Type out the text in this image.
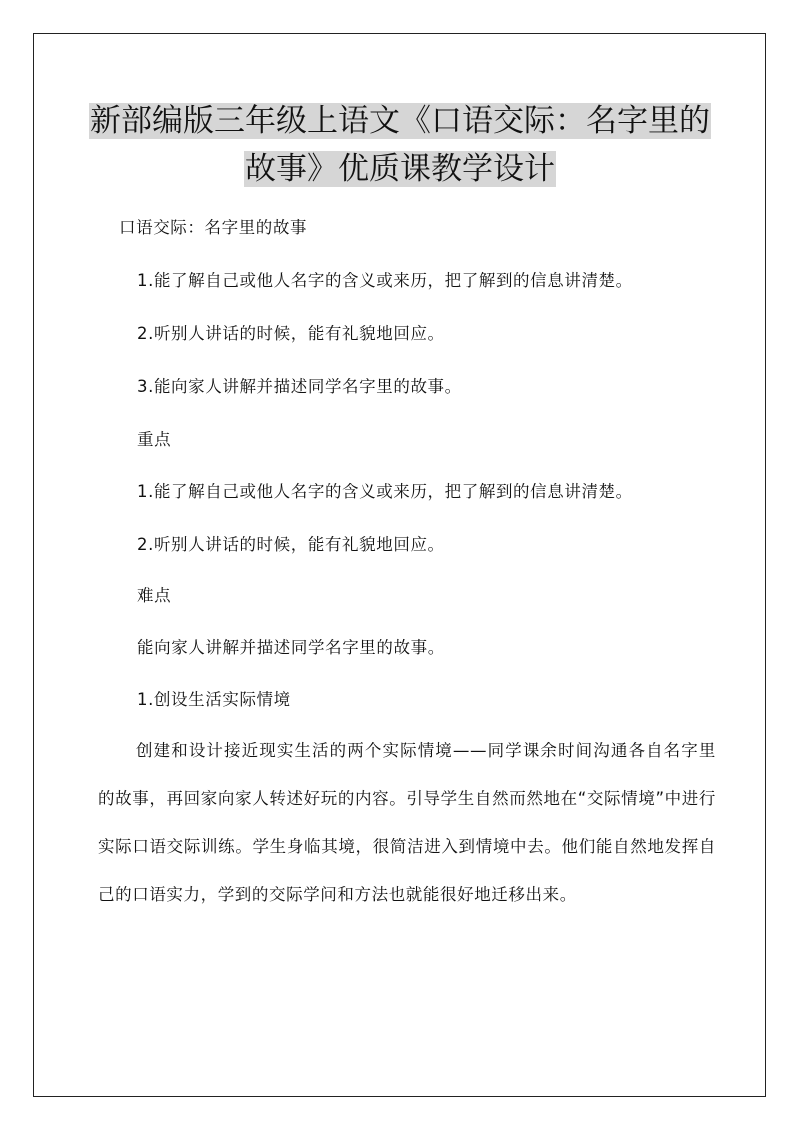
新部编版三年级上语文《口语交际：名字里的
故事》优质课教学设计
口语交际：名字里的故事
1.能了解自己或他人名字的含义或来历，把了解到的信息讲清楚。
2.听别人讲话的时候，能有礼貌地回应。
3.能向家人讲解并描述同学名字里的故事。
重点
1.能了解自己或他人名字的含义或来历，把了解到的信息讲清楚。
2.听别人讲话的时候，能有礼貌地回应。
难点
能向家人讲解并描述同学名字里的故事。
1.创设生活实际情境
创建和设计接近现实生活的两个实际情境——同学课余时间沟通各自名字里的故事，再回家向家人转述好玩的内容。引导学生自然而然地在“交际情境”中进行实际口语交际训练。学生身临其境，很简洁进入到情境中去。他们能自然地发挥自己的口语实力，学到的交际学问和方法也就能很好地迁移出来。
